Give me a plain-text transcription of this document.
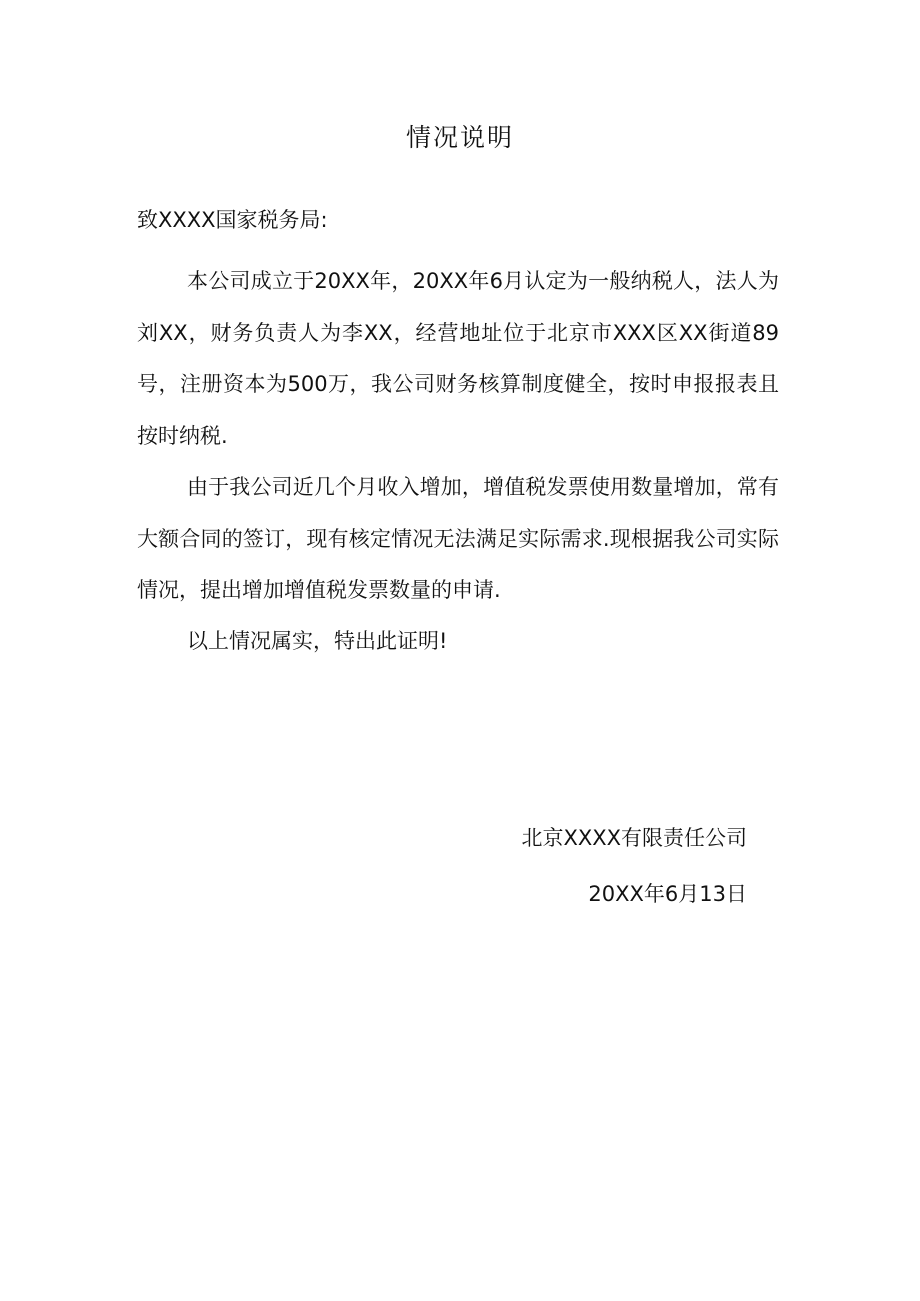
情况说明
致XXXX国家税务局:

本公司成立于20XX年，20XX年6月认定为一般纳税人，法人为刘XX，财务负责人为李XX，经营地址位于北京市XXX区XX街道89号，注册资本为500万，我公司财务核算制度健全，按时申报报表且按时纳税.

由于我公司近几个月收入增加，增值税发票使用数量增加，常有大额合同的签订，现有核定情况无法满足实际需求.现根据我公司实际情况，提出增加增值税发票数量的申请.

以上情况属实，特出此证明!

北京XXXX有限责任公司
20XX年6月13日
